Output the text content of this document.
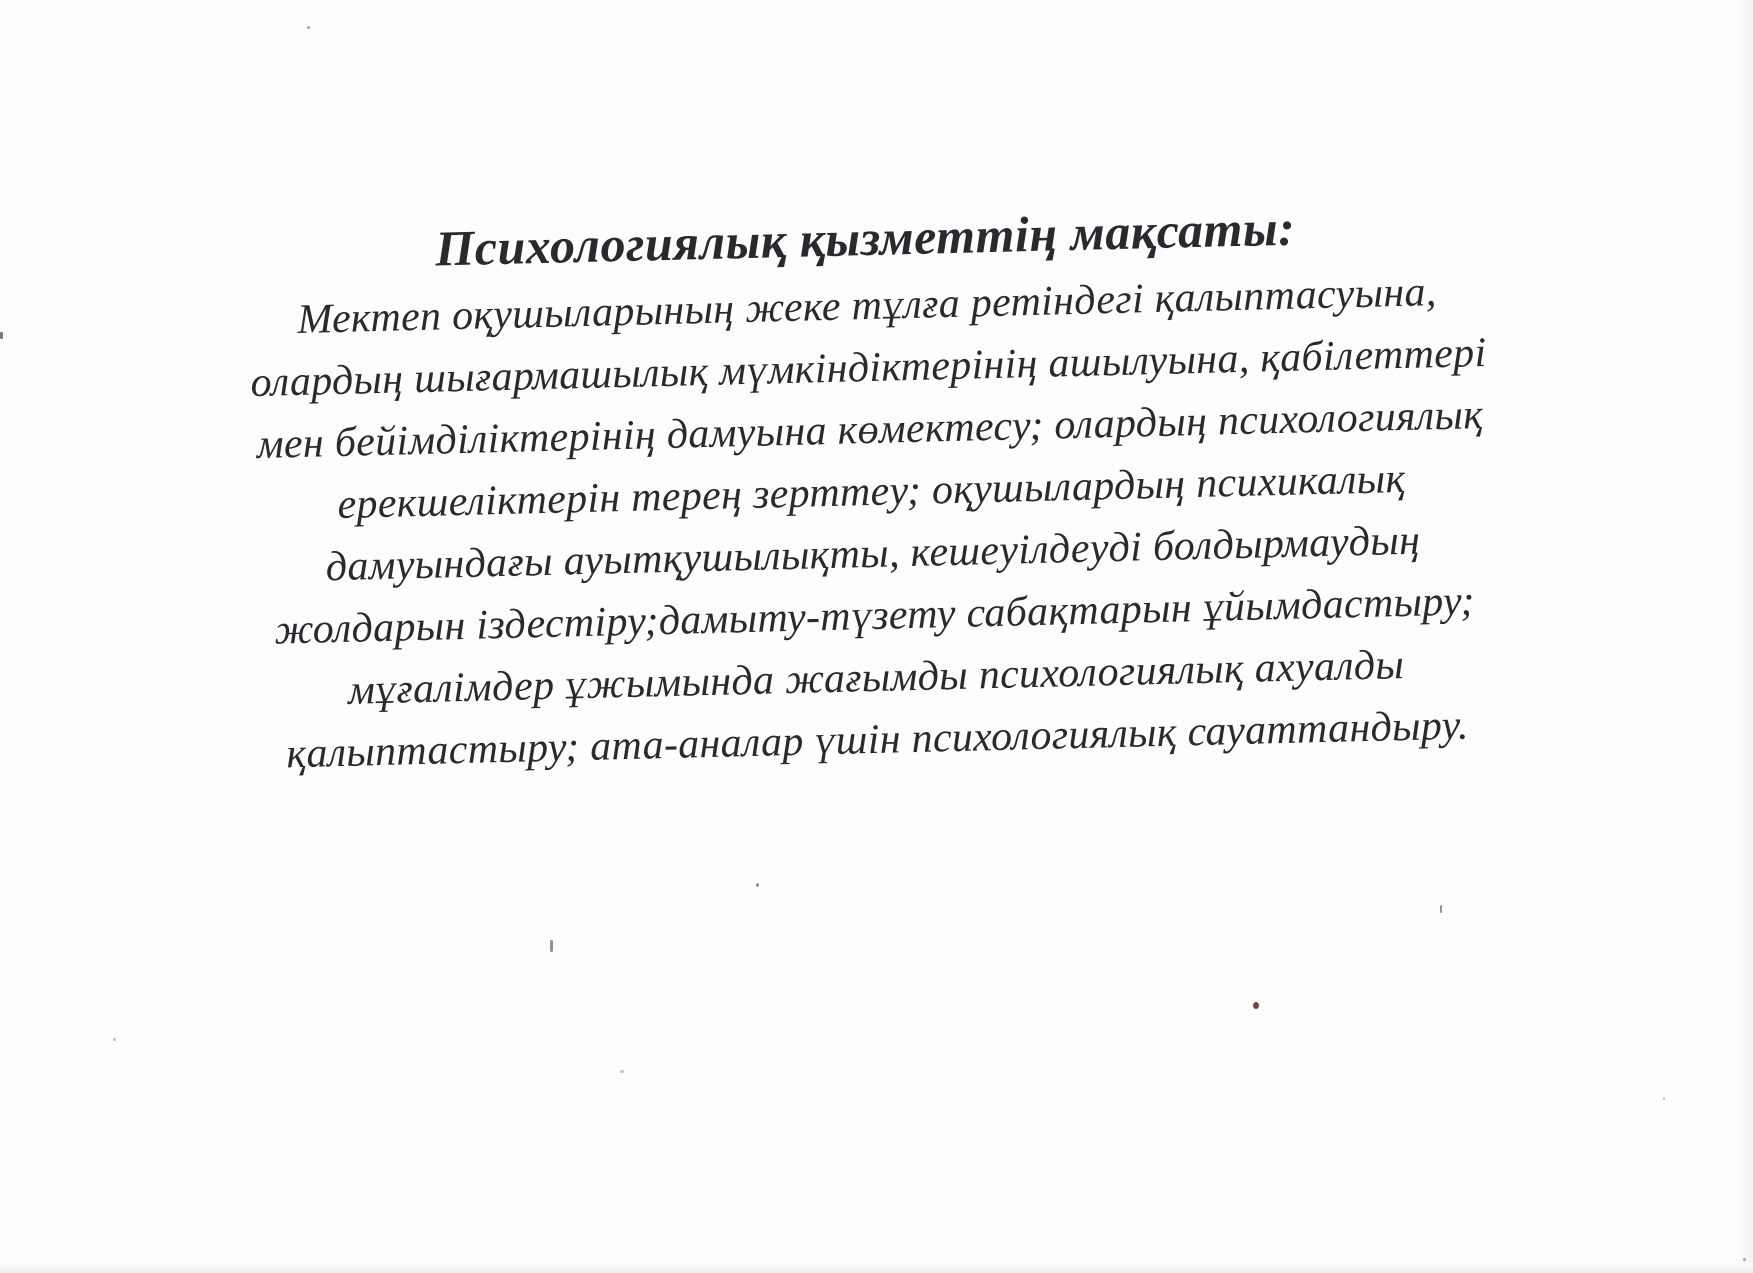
Психологиялық қызметтің мақсаты:
Мектеп оқушыларының жеке тұлға ретіндегі қалыптасуына,
олардың шығармашылық мүмкіндіктерінің ашылуына, қабілеттері
мен бейімділіктерінің дамуына көмектесу; олардың психологиялық
ерекшеліктерін терең зерттеу; оқушылардың психикалық
дамуындағы ауытқушылықты, кешеуілдеуді болдырмаудың
жолдарын іздестіру;дамыту-түзету сабақтарын ұйымдастыру;
мұғалімдер ұжымында жағымды психологиялық ахуалды
қалыптастыру; ата-аналар үшін психологиялық сауаттандыру.
